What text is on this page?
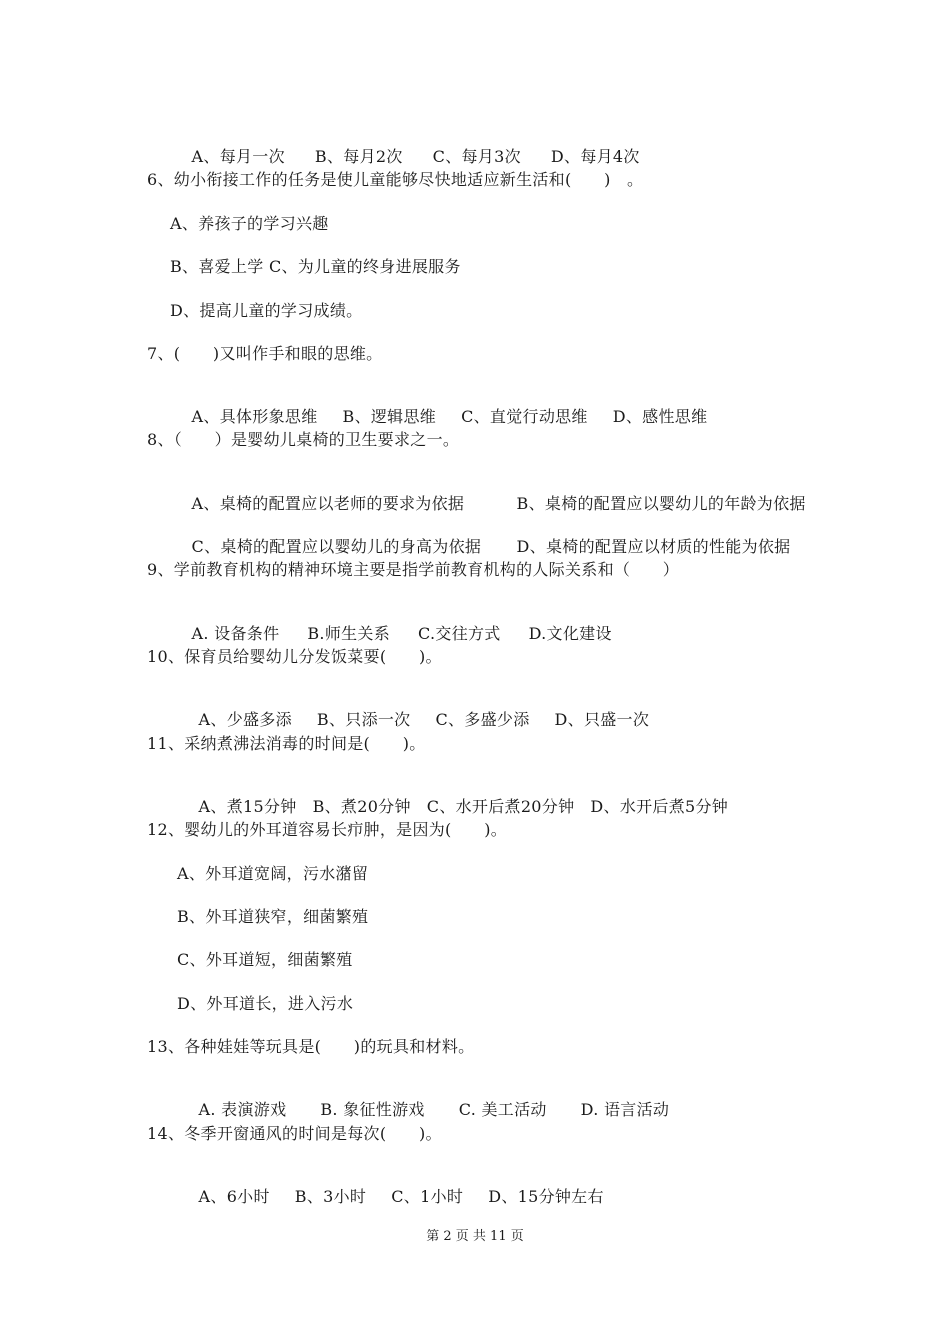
A、每月一次 B、每月2次 C、每月3次 D、每月4次

6、幼小衔接工作的任务是使儿童能够尽快地适应新生活和(　　)　。
A、养孩子的学习兴趣
B、喜爱上学 C、为儿童的终身进展服务
D、提高儿童的学习成绩。
7、(　　)又叫作手和眼的思维。

A、具体形象思维 B、逻辑思维 C、直觉行动思维 D、感性思维

8、（　　）是婴幼儿桌椅的卫生要求之一。

A、桌椅的配置应以老师的要求为依据	B、桌椅的配置应以婴幼儿的年龄为依据

C、桌椅的配置应以婴幼儿的身高为依据 D、桌椅的配置应以材质的性能为依据

9、学前教育机构的精神环境主要是指学前教育机构的人际关系和（　　）

A. 设备条件 B.师生关系 C.交往方式 D.文化建设

10、保育员给婴幼儿分发饭菜要(　　)。

A、少盛多添 B、只添一次 C、多盛少添 D、只盛一次

11、采纳煮沸法消毒的时间是(　　)。

A、煮15分钟 B、煮20分钟 C、水开后煮20分钟 D、水开后煮5分钟

12、婴幼儿的外耳道容易长疖肿，是因为(　　)。
A、外耳道宽阔，污水潴留
B、外耳道狭窄，细菌繁殖
C、外耳道短，细菌繁殖
D、外耳道长，进入污水
13、各种娃娃等玩具是(　　)的玩具和材料。

A. 表演游戏 B. 象征性游戏 C. 美工活动 D. 语言活动

14、冬季开窗通风的时间是每次(　　)。

A、6小时 B、3小时 C、1小时 D、15分钟左右

第 2 页 共 11 页
